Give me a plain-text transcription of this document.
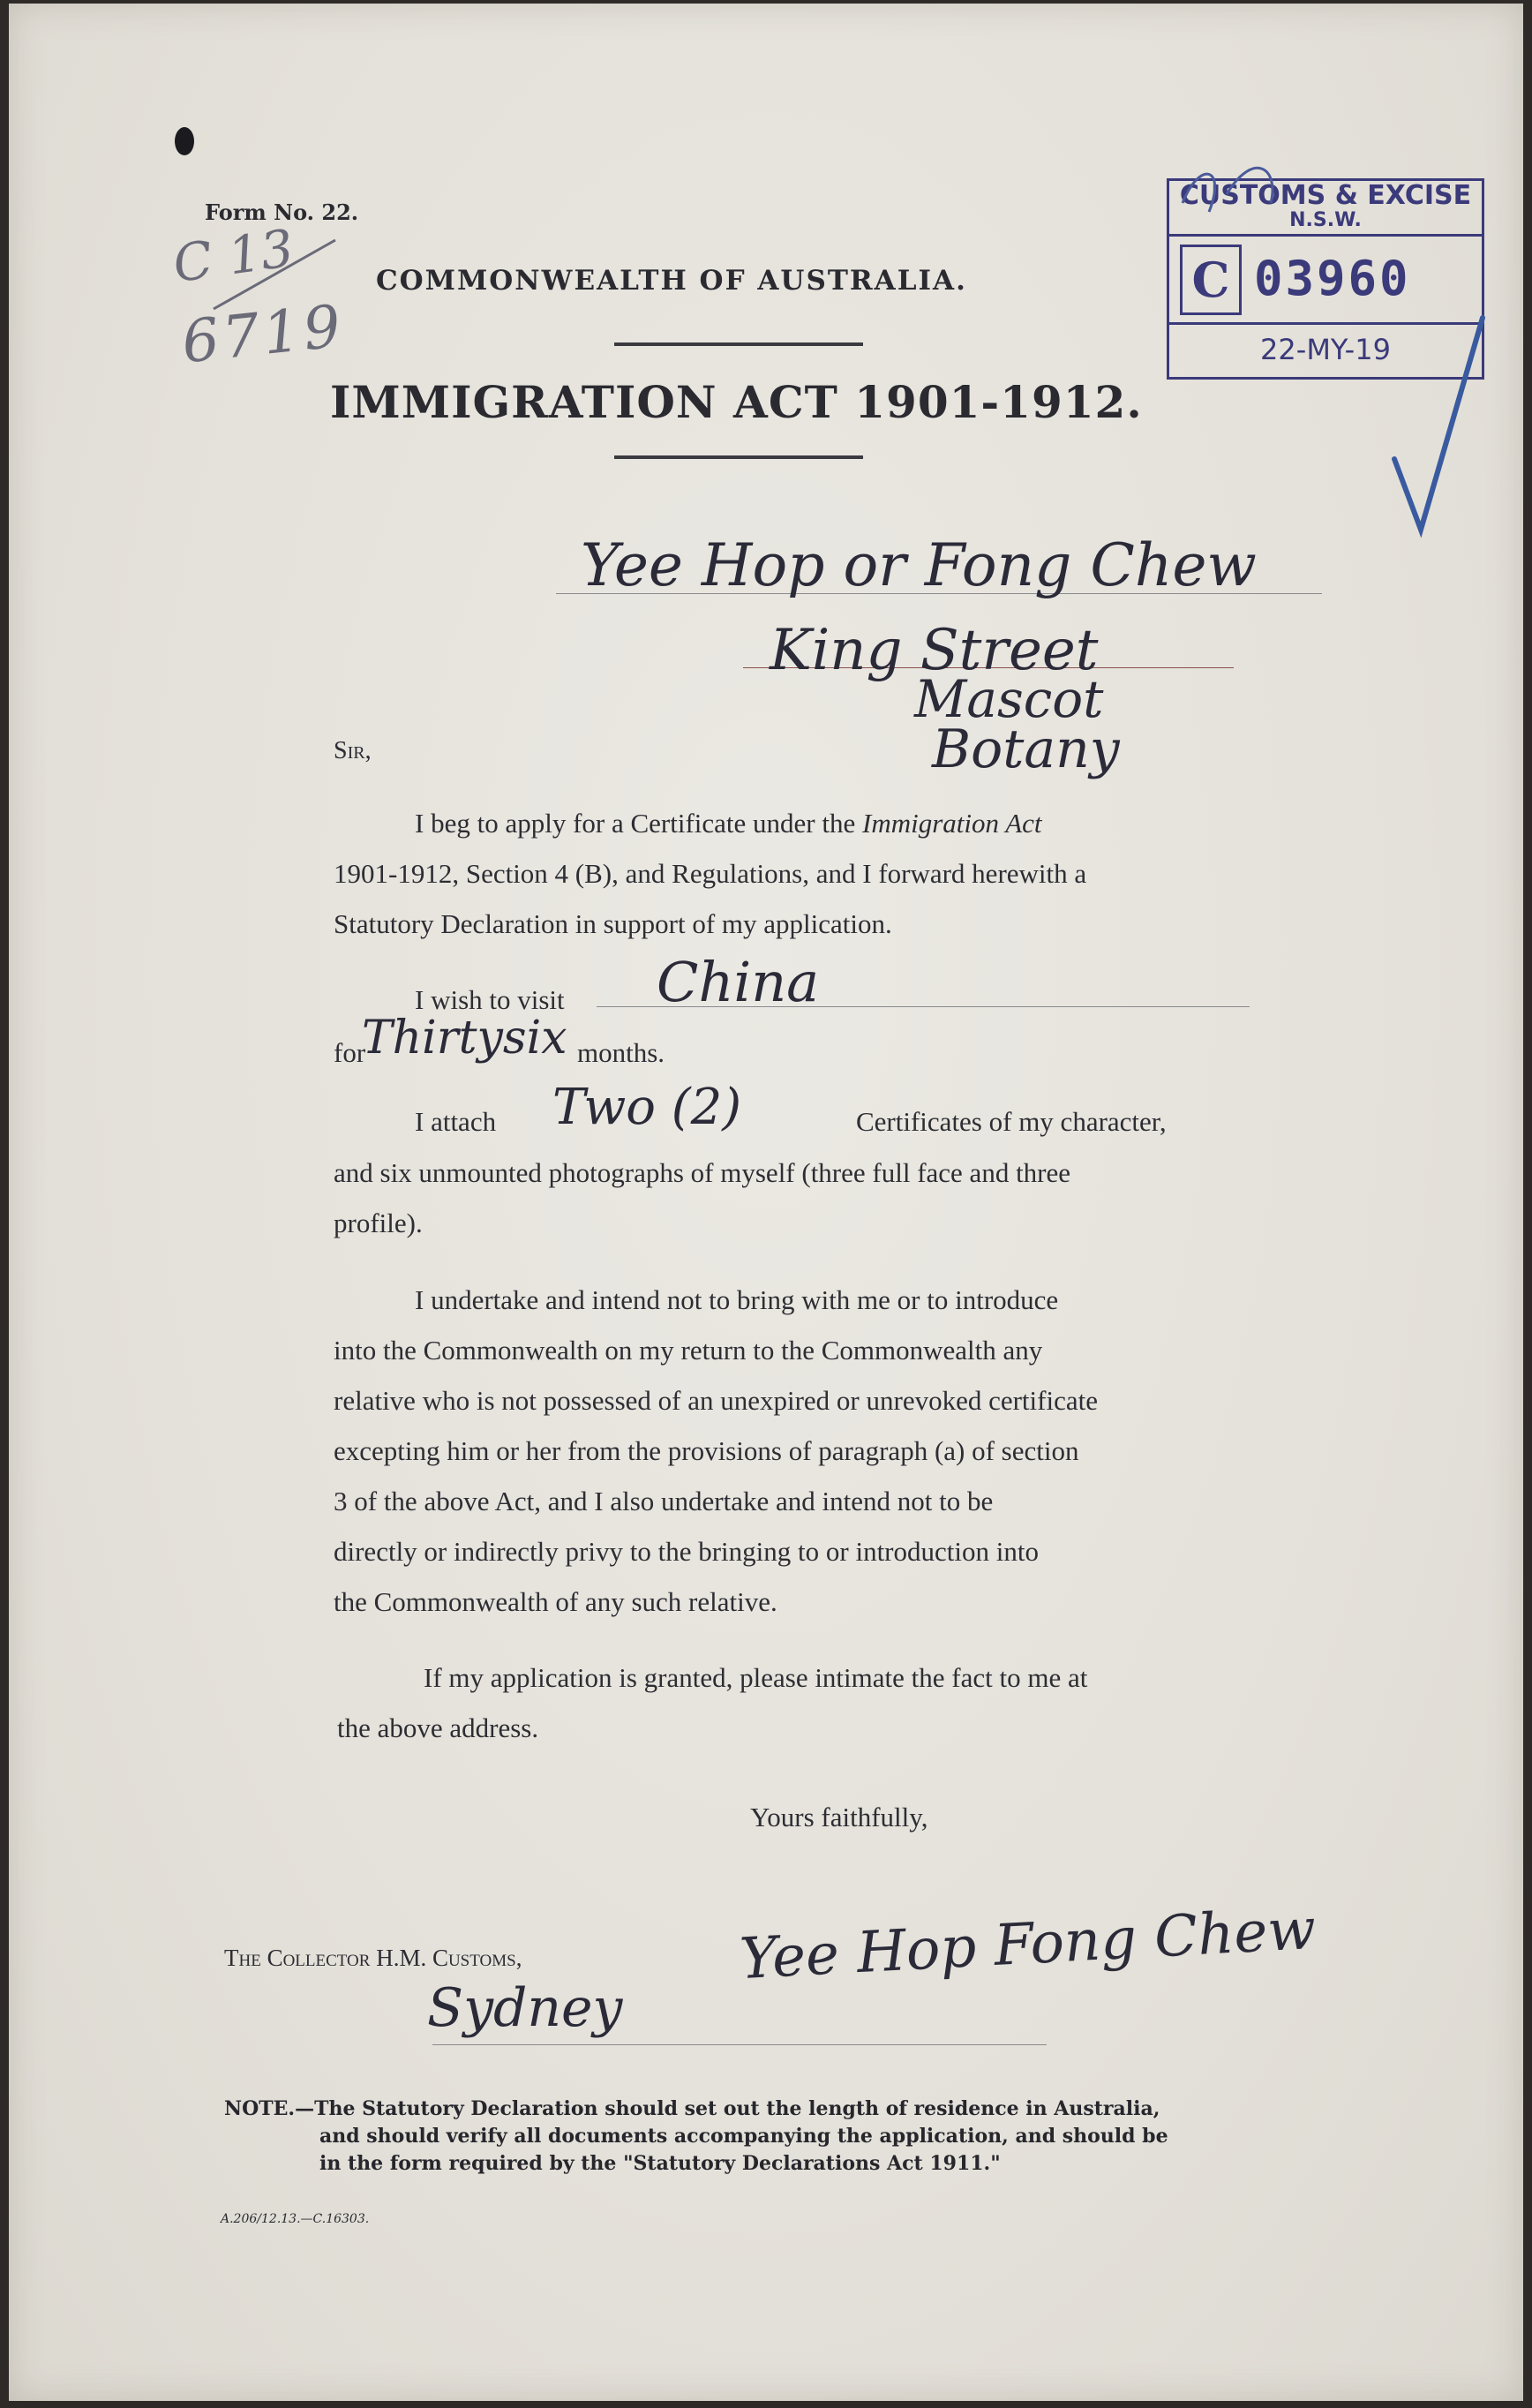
Form No. 22.
C 13
6719
COMMONWEALTH OF AUSTRALIA.
IMMIGRATION ACT 1901-1912.
CUSTOMS & EXCISE
N.S.W.
C 03960
22-MY-19
Yee Hop or Fong Chew
King Street
Mascot
Botany
Sir,
I beg to apply for a Certificate under the Immigration Act
1901-1912, Section 4 (B), and Regulations, and I forward herewith a
Statutory Declaration in support of my application.
I wish to visit China
for
Thirtysix months.
I attach Two (2)	Certificates of my character,
and six unmounted photographs of myself (three full face and three
profile).
I undertake and intend not to bring with me or to introduce
into the Commonwealth on my return to the Commonwealth any
relative who is not possessed of an unexpired or unrevoked certificate
excepting him or her from the provisions of paragraph (a) of section
3 of the above Act, and I also undertake and intend not to be
directly or indirectly privy to the bringing to or introduction into
the Commonwealth of any such relative.
If my application is granted, please intimate the fact to me at
the above address.
Yours faithfully,
The Collector H.M. Customs,
Sydney
Yee Hop Fong Chew
NOTE.—The Statutory Declaration should set out the length of residence in Australia,
and should verify all documents accompanying the application, and should be
in the form required by the "Statutory Declarations Act 1911."
A.206/12.13.—C.16303.
